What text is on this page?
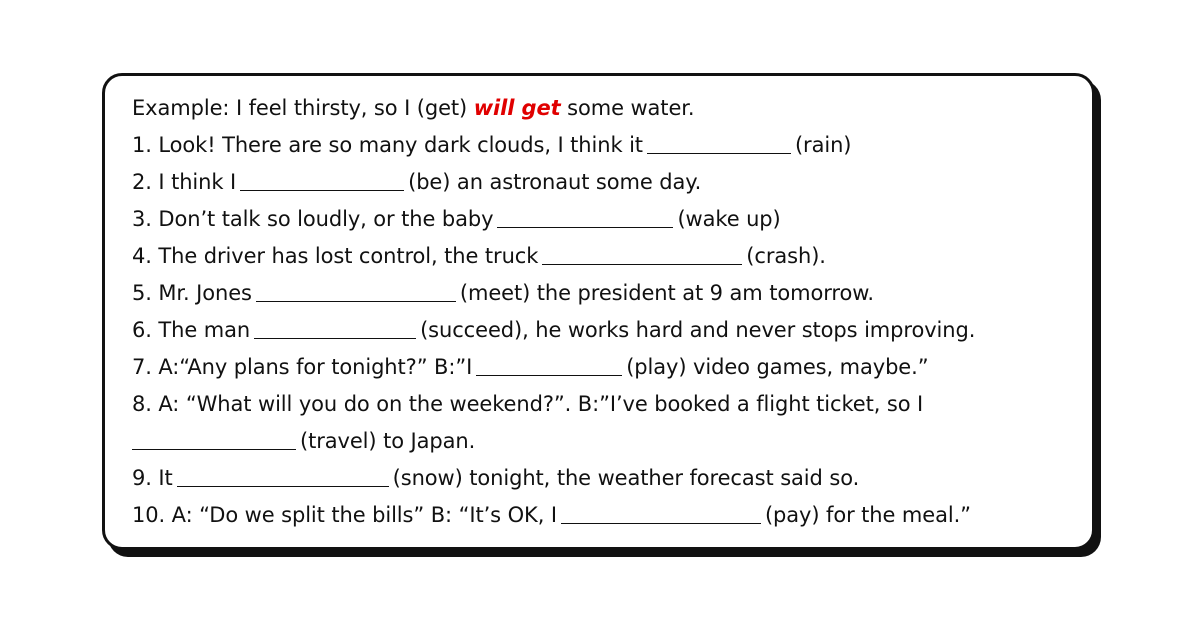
Example: I feel thirsty, so I (get) will get some water.
1. Look! There are so many dark clouds, I think it	(rain)
2. I think I	(be) an astronaut some day.
3. Don’t talk so loudly, or the baby	(wake up)
4. The driver has lost control, the truck	(crash).
5. Mr. Jones	(meet) the president at 9 am tomorrow.
6. The man	(succeed), he works hard and never stops improving.
7. A:“Any plans for tonight?” B:”I	(play) video games, maybe.”
8. A: “What will you do on the weekend?”. B:”I’ve booked a flight ticket, so I
(travel) to Japan.
9. It	(snow) tonight, the weather forecast said so.
10. A: “Do we split the bills” B: “It’s OK, I	(pay) for the meal.”
